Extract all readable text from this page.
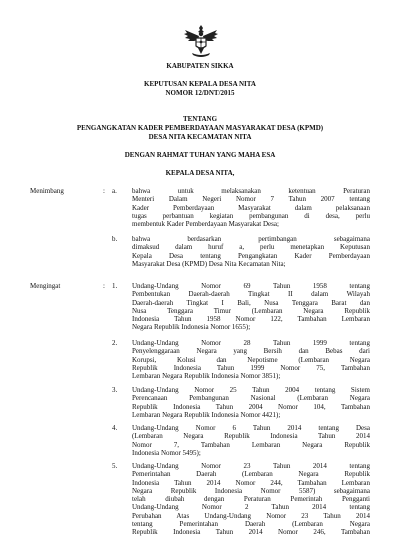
KABUPATEN SIKKA
KEPUTUSAN KEPALA DESA NITA
NOMOR 12/DNT/2015
TENTANG
PENGANGKATAN KADER PEMBERDAYAAN MASYARAKAT DESA (KPMD)
DESA NITA KECAMATAN NITA
DENGAN RAHMAT TUHAN YANG MAHA ESA
KEPALA DESA NITA,
Menimbang	: a. bahwa untuk melaksanakan ketentuan Peraturan
Menteri Dalam Negeri Nomor 7 Tahun 2007 tentang
Kader Pemberdayaan Masyarakat dalam pelaksanaan
tugas perbantuan kegiatan pembangunan di desa, perlu
membentuk Kader Pemberdayaan Masyarakat Desa;
b. bahwa berdasarkan pertimbangan sebagaimana
dimaksud dalam huruf a, perlu menetapkan Keputusan
Kepala Desa tentang Pengangkatan Kader Pemberdayaan
Masyarakat Desa (KPMD) Desa Nita Kecamatan Nita;
Mengingat	: 1. Undang-Undang Nomor 69 Tahun 1958 tentang
Pembentukan Daerah-daerah Tingkat II dalam Wilayah
Daerah-daerah Tingkat I Bali, Nusa Tenggara Barat dan
Nusa Tenggara Timur (Lembaran Negara Republik
Indonesia Tahun 1958 Nomor 122, Tambahan Lembaran
Negara Republik Indonesia Nomor 1655);
2. Undang-Undang Nomor 28 Tahun 1999 tentang
Penyelenggaraan Negara yang Bersih dan Bebas dari
Korupsi, Kolusi dan Nepotisme (Lembaran Negara
Republik Indonesia Tahun 1999 Nomor 75, Tambahan
Lembaran Negara Republik Indonesia Nomor 3851);
3. Undang-Undang Nomor 25 Tahun 2004 tentang Sistem
Perencanaan Pembangunan Nasional (Lembaran Negara
Republik Indonesia Tahun 2004 Nomor 104, Tambahan
Lembaran Negara Republik Indonesia Nomor 4421);
4. Undang-Undang Nomor 6 Tahun 2014 tentang Desa
(Lembaran Negara Republik Indonesia Tahun 2014
Nomor 7, Tambahan Lembaran Negara Republik
Indonesia Nomor 5495);
5. Undang-Undang Nomor 23 Tahun 2014 tentang
Pemerintahan Daerah (Lembaran Negara Republik
Indonesia Tahun 2014 Nomor 244, Tambahan Lembaran
Negara Republik Indonesia Nomor 5587) sebagaimana
telah diubah dengan Peraturan Pemerintah Pengganti
Undang-Undang Nomor 2 Tahun 2014 tentang
Perubahan Atas Undang-Undang Nomor 23 Tahun 2014
tentang Pemerintahan Daerah (Lembaran Negara
Republik Indonesia Tahun 2014 Nomor 246, Tambahan
